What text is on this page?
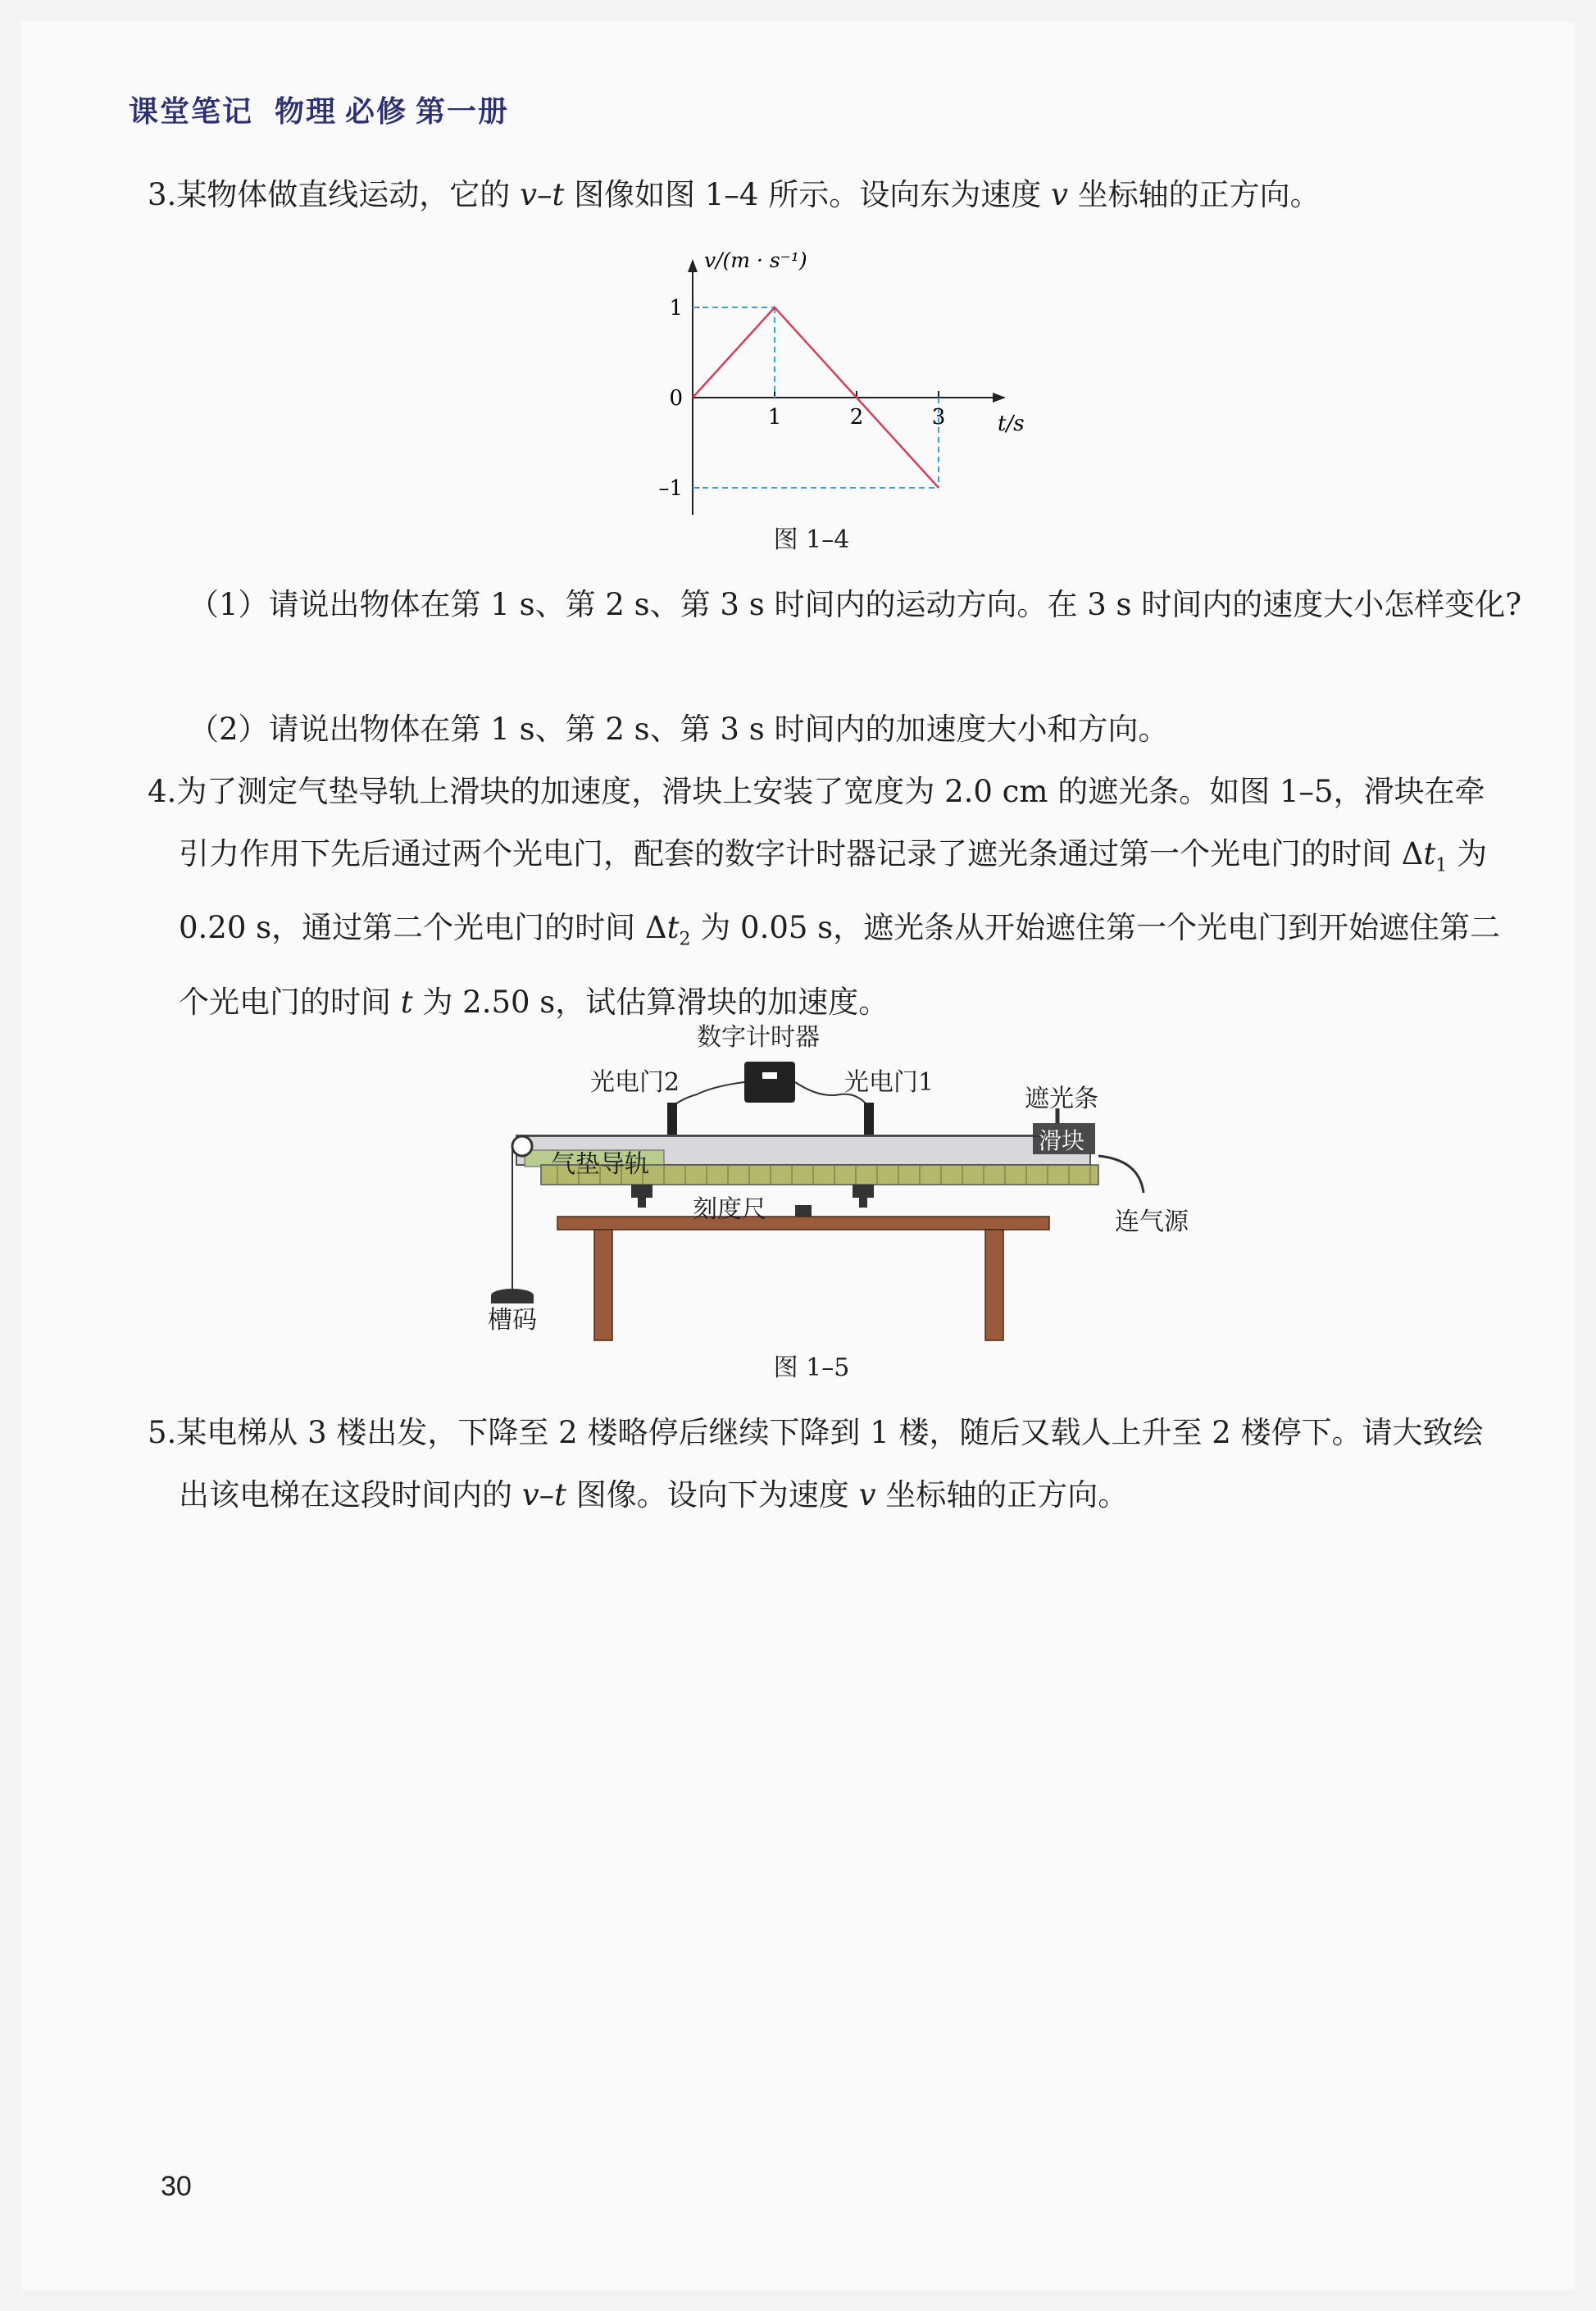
课堂笔记 物理 必修 第一册
3.某物体做直线运动，它的 v–t 图像如图 1–4 所示。设向东为速度 v 坐标轴的正方向。
1	2	3
1
–1
0
v/(m · s⁻¹)
t/s
图 1–4
（1）请说出物体在第 1 s、第 2 s、第 3 s 时间内的运动方向。在 3 s 时间内的速度大小怎样变化?
（2）请说出物体在第 1 s、第 2 s、第 3 s 时间内的加速度大小和方向。
4.为了测定气垫导轨上滑块的加速度，滑块上安装了宽度为 2.0 cm 的遮光条。如图 1–5，滑块在牵引力作用下先后通过两个光电门，配套的数字计时器记录了遮光条通过第一个光电门的时间 $\Delta t_1$ 为 0.20 s，通过第二个光电门的时间 $\Delta t_2$ 为 0.05 s，遮光条从开始遮住第一个光电门到开始遮住第二个光电门的时间 t 为 2.50 s，试估算滑块的加速度。
数字计时器
光电门2	光电门1
遮光条
滑块
气垫导轨
刻度尺	连气源
槽码
图 1–5
5.某电梯从 3 楼出发，下降至 2 楼略停后继续下降到 1 楼，随后又载人上升至 2 楼停下。请大致绘出该电梯在这段时间内的 v–t 图像。设向下为速度 v 坐标轴的正方向。
30
